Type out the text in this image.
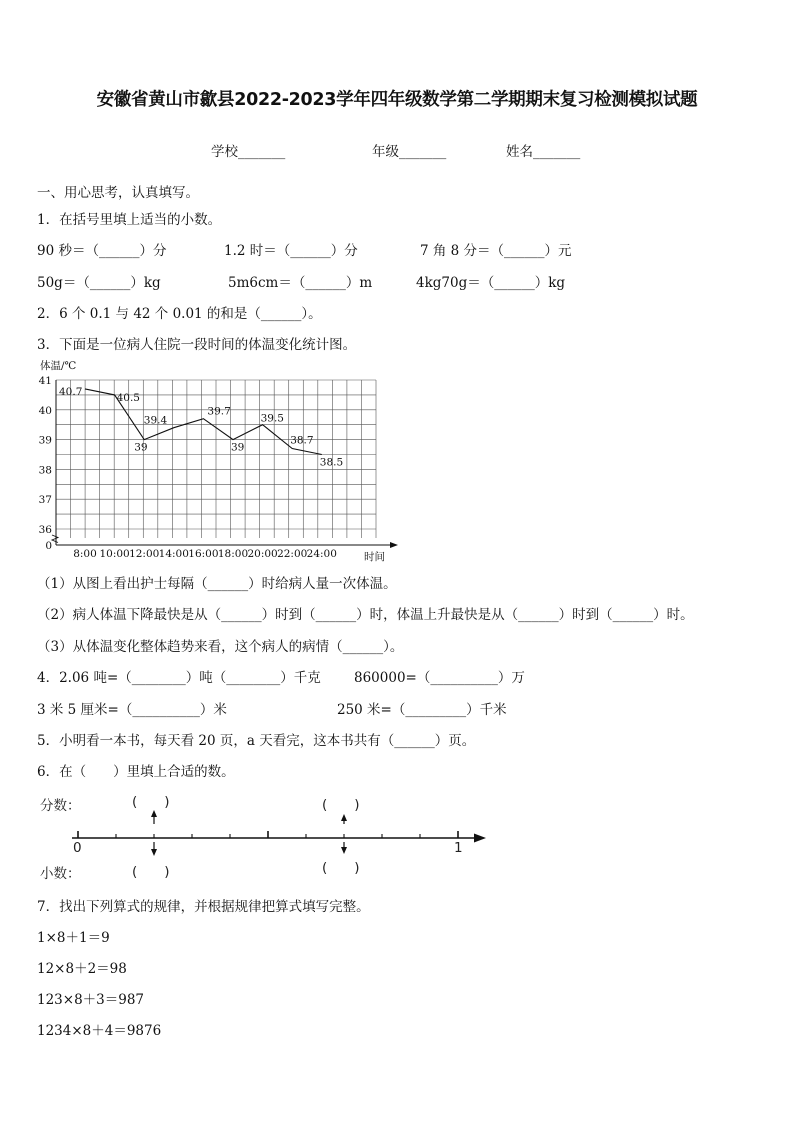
安徽省黄山市歙县2022-2023学年四年级数学第二学期期末复习检测模拟试题
学校_______	年级_______	姓名_______
一、用心思考，认真填写。
1．在括号里填上适当的小数。
90 秒＝（______）分	1.2 时＝（______）分	7 角 8 分＝（______）元
50g＝（______）kg	5m6cm＝（______）m	4kg70g＝（______）kg
2．6 个 0.1 与 42 个 0.01 的和是（______）。
3．下面是一位病人住院一段时间的体温变化统计图。
体温/℃
时间
41
40
39
38
37
36
0
8:00 10:00 12:00 14:00 16:00 18:00 20:00 22:00 24:00
40.7	40.5
39
39.4
39.7
39
39.5
38.7
38.5
（1）从图上看出护士每隔（______）时给病人量一次体温。
（2）病人体温下降最快是从（______）时到（______）时，体温上升最快是从（______）时到（______）时。
（3）从体温变化整体趋势来看，这个病人的病情（______）。
4．2.06 吨=（________）吨（________）千克 860000=（__________）万
3 米 5 厘米=（__________）米	250 米=（_________）千米
5．小明看一本书，每天看 20 页，a 天看完，这本书共有（______）页。
6．在（　　）里填上合适的数。
分数：
小数：
(　　)	(　　)
(　　)	(　　)
0	1
7．找出下列算式的规律，并根据规律把算式填写完整。
1×8＋1＝9
12×8＋2＝98
123×8＋3＝987
1234×8＋4＝9876
